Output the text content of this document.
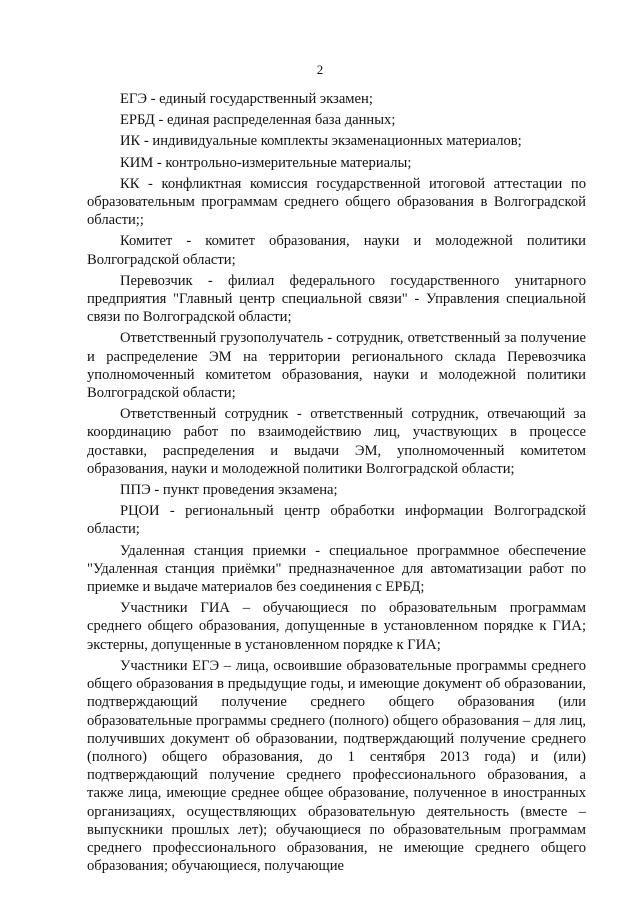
2

ЕГЭ - единый государственный экзамен;

ЕРБД - единая распределенная база данных;

ИК - индивидуальные комплекты экзаменационных материалов;

КИМ - контрольно-измерительные материалы;

КК - конфликтная комиссия государственной итоговой аттестации по образовательным программам среднего общего образования в Волгоградской области;;

Комитет - комитет образования, науки и молодежной политики Волгоградской области;

Перевозчик - филиал федерального государственного унитарного предприятия "Главный центр специальной связи" - Управления специальной связи по Волгоградской области;

Ответственный грузополучатель - сотрудник, ответственный за получение и распределение ЭМ на территории регионального склада Перевозчика уполномоченный комитетом образования, науки и молодежной политики Волгоградской области;

Ответственный сотрудник - ответственный сотрудник, отвечающий за координацию работ по взаимодействию лиц, участвующих в процессе доставки, распределения и выдачи ЭМ, уполномоченный комитетом образования, науки и молодежной политики Волгоградской области;

ППЭ - пункт проведения экзамена;

РЦОИ - региональный центр обработки информации Волгоградской области;

Удаленная станция приемки - специальное программное обеспечение "Удаленная станция приёмки" предназначенное для автоматизации работ по приемке и выдаче материалов без соединения с ЕРБД;

Участники ГИА – обучающиеся по образовательным программам среднего общего образования, допущенные в установленном порядке к ГИА; экстерны, допущенные в установленном порядке к ГИА;

Участники ЕГЭ – лица, освоившие образовательные программы среднего общего образования в предыдущие годы, и имеющие документ об образовании, подтверждающий получение среднего общего образования (или образовательные программы среднего (полного) общего образования – для лиц, получивших документ об образовании, подтверждающий получение среднего (полного) общего образования, до 1 сентября 2013 года) и (или) подтверждающий получение среднего профессионального образования, а также лица, имеющие среднее общее образование, полученное в иностранных организациях, осуществляющих образовательную деятельность (вместе – выпускники прошлых лет); обучающиеся по образовательным программам среднего профессионального образования, не имеющие среднего общего образования; обучающиеся, получающие
